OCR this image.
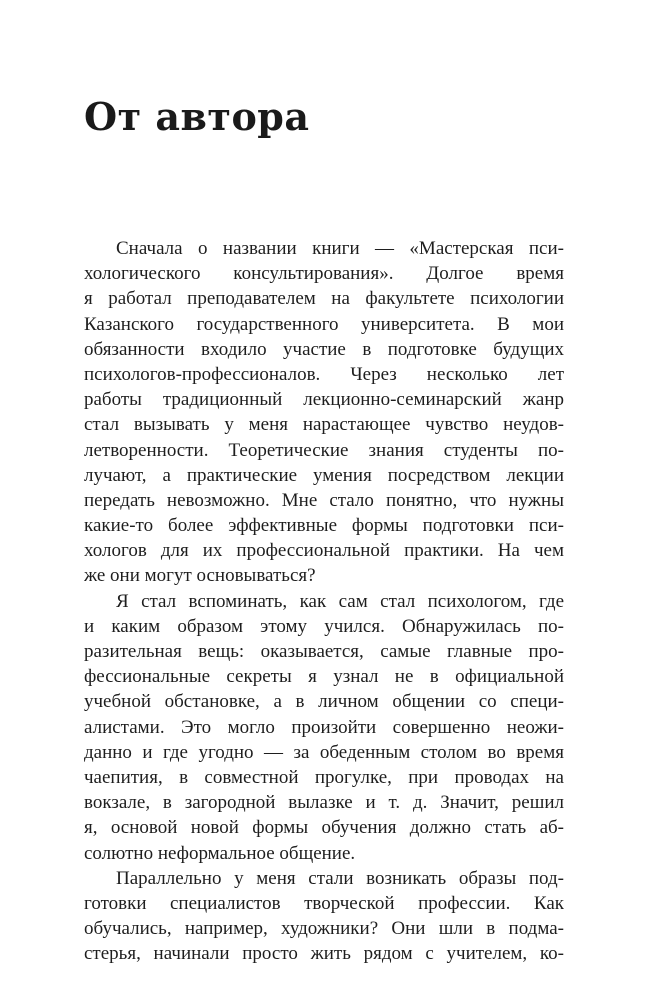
От автора
Сначала о названии книги — «Мастерская пси-
хологического консультирования». Долгое время
я работал преподавателем на факультете психологии
Казанского государственного университета. В мои
обязанности входило участие в подготовке будущих
психологов-профессионалов. Через несколько лет
работы традиционный лекционно-семинарский жанр
стал вызывать у меня нарастающее чувство неудов-
летворенности. Теоретические знания студенты по-
лучают, а практические умения посредством лекции
передать невозможно. Мне стало понятно, что нужны
какие-то более эффективные формы подготовки пси-
хологов для их профессиональной практики. На чем
же они могут основываться?
Я стал вспоминать, как сам стал психологом, где
и каким образом этому учился. Обнаружилась по-
разительная вещь: оказывается, самые главные про-
фессиональные секреты я узнал не в официальной
учебной обстановке, а в личном общении со специ-
алистами. Это могло произойти совершенно неожи-
данно и где угодно — за обеденным столом во время
чаепития, в совместной прогулке, при проводах на
вокзале, в загородной вылазке и т. д. Значит, решил
я, основой новой формы обучения должно стать аб-
солютно неформальное общение.
Параллельно у меня стали возникать образы под-
готовки специалистов творческой профессии. Как
обучались, например, художники? Они шли в подма-
стерья, начинали просто жить рядом с учителем, ко-
